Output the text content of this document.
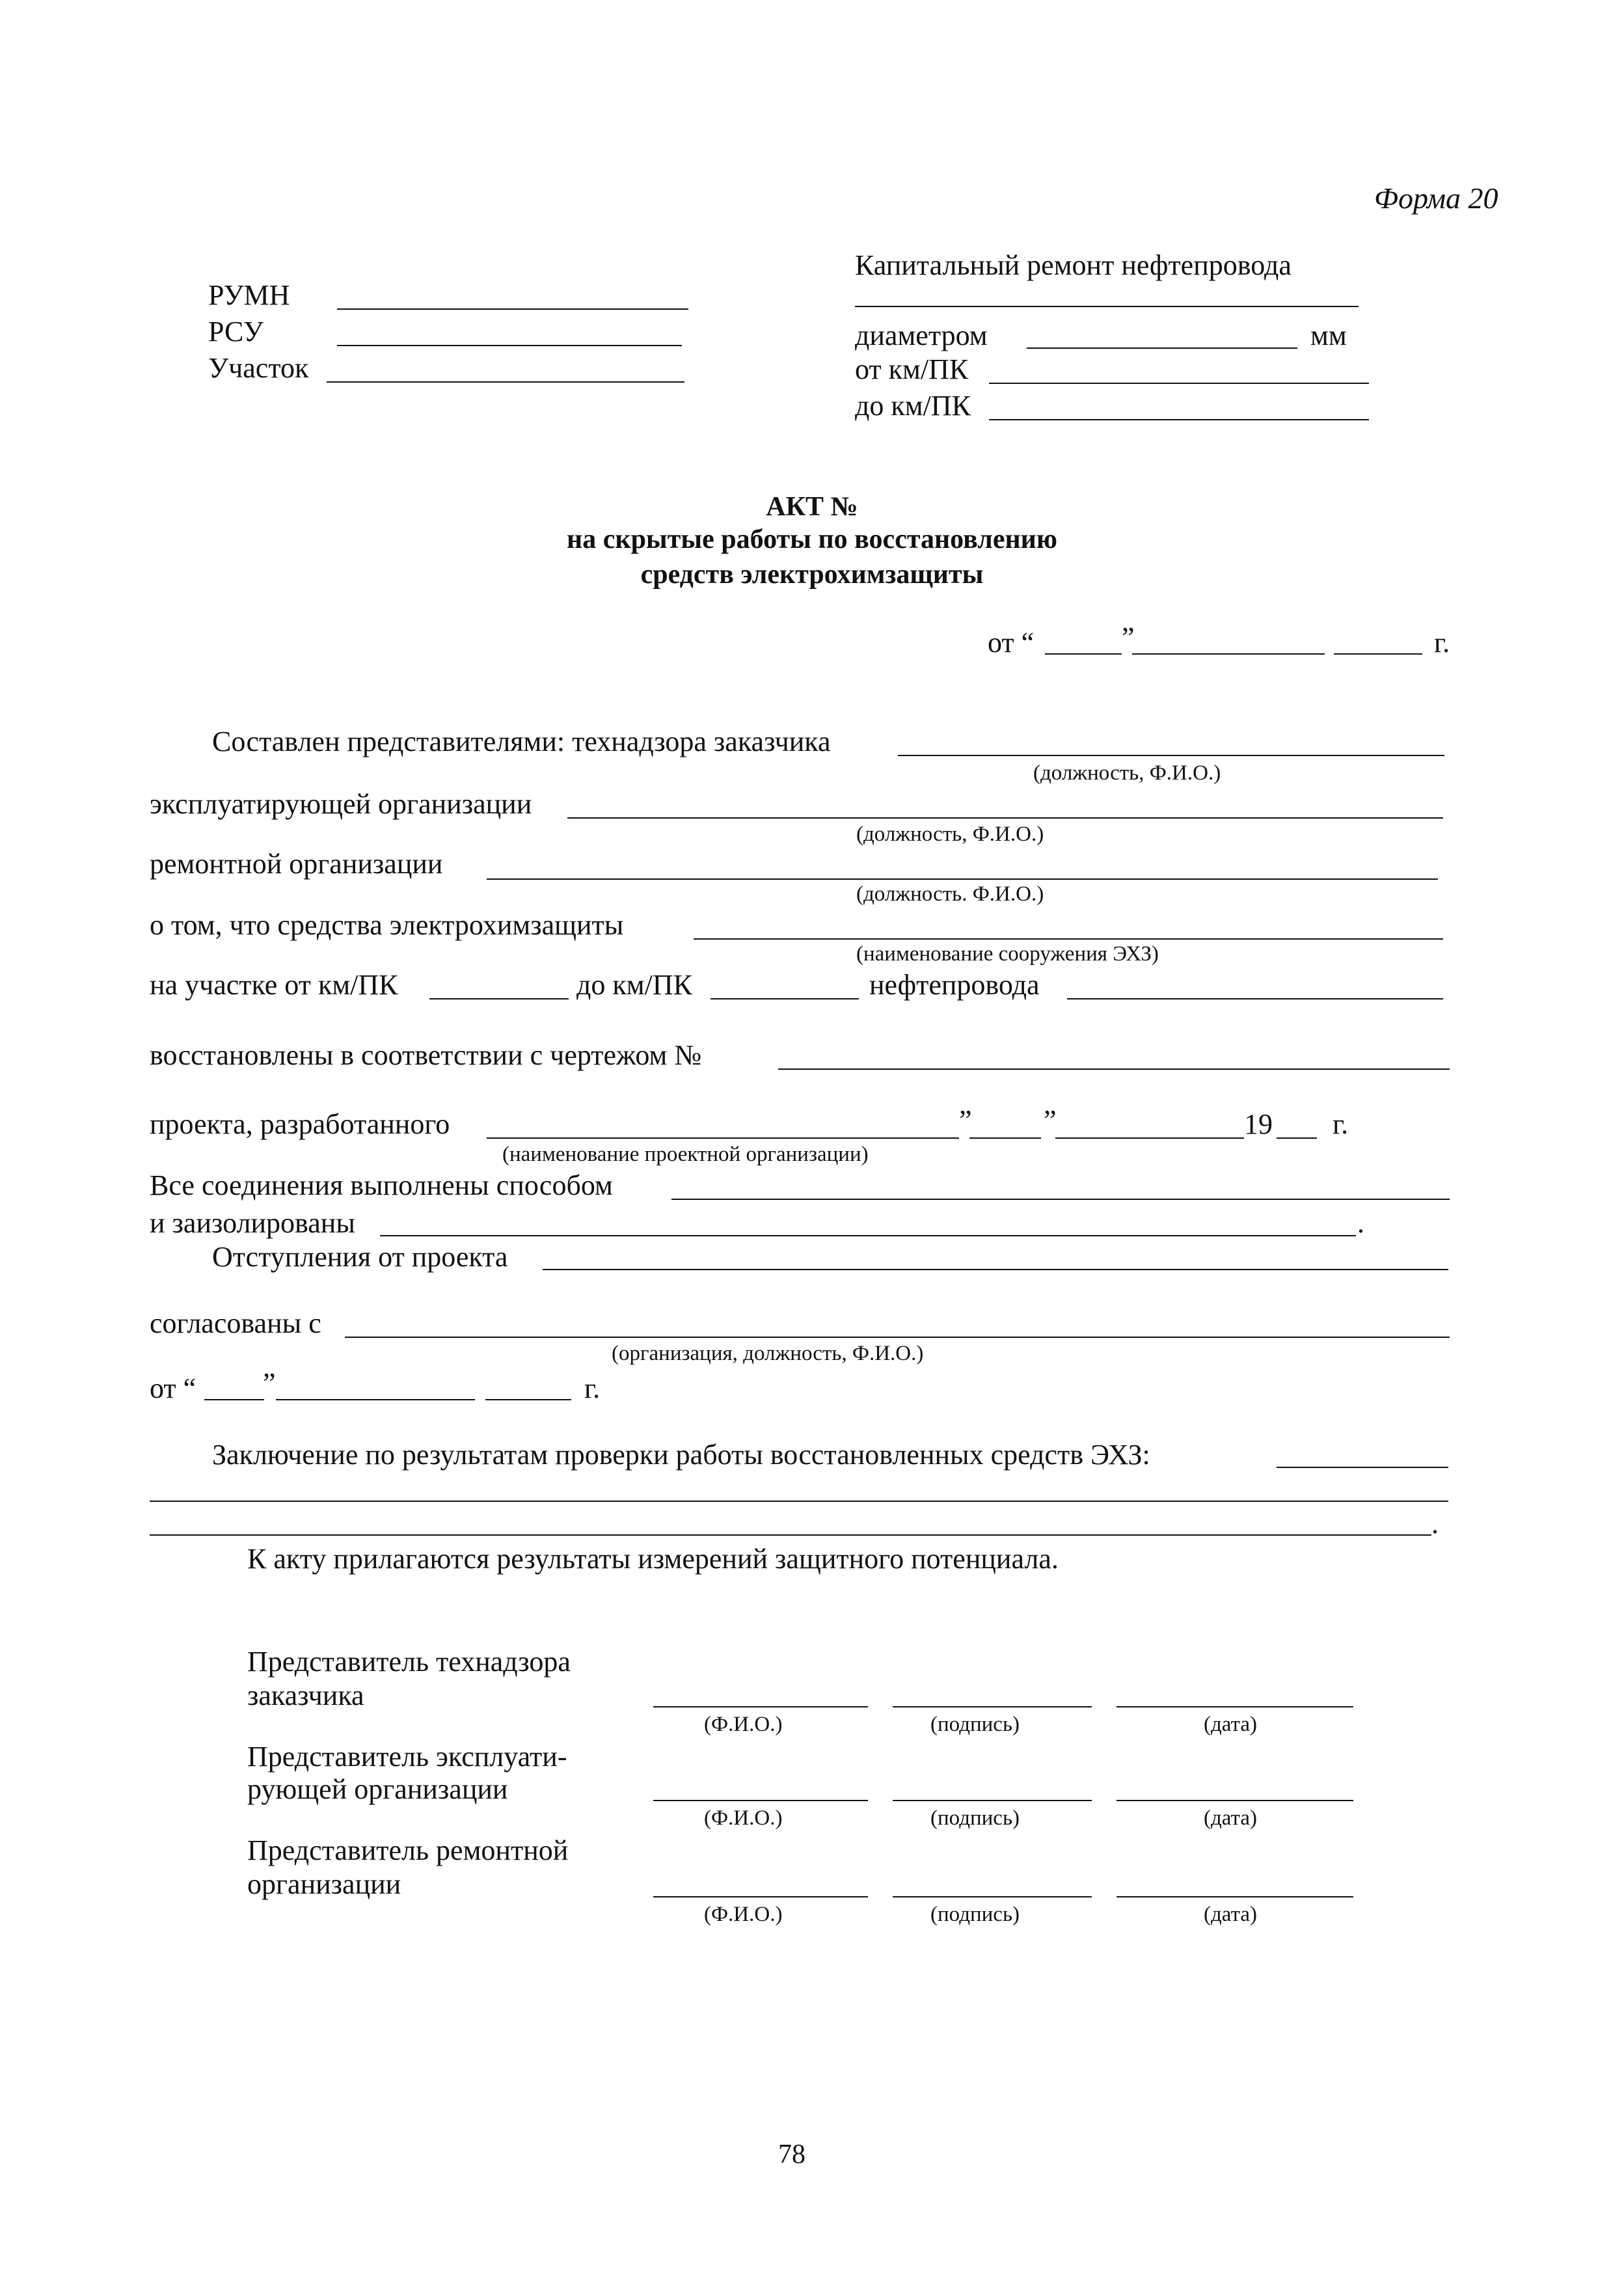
Форма 20
РУМН
РСУ
Участок
Капитальный ремонт нефтепровода
диаметром	мм
от км/ПК
до км/ПК
АКТ №
на скрытые работы по восстановлению
средств электрохимзащиты
от “	”	г.
Составлен представителями: технадзора заказчика
(должность, Ф.И.О.)
эксплуатирующей организации
(должность, Ф.И.О.)
ремонтной организации
(должность. Ф.И.О.)
о том, что средства электрохимзащиты
(наименование сооружения ЭХЗ)
на участке от км/ПК	до км/ПК	нефтепровода
восстановлены в соответствии с чертежом №
проекта, разработанного	”	”	19 г.
(наименование проектной организации)
Все соединения выполнены способом
и заизолированы	.
Отступления от проекта
согласованы с
(организация, должность, Ф.И.О.)
от “ ”	г.
Заключение по результатам проверки работы восстановленных средств ЭХЗ:
.
К акту прилагаются результаты измерений защитного потенциала.
Представитель технадзора
заказчика
(Ф.И.О.)	(подпись)	(дата)
Представитель эксплуати-
рующей организации
(Ф.И.О.)	(подпись)	(дата)
Представитель ремонтной
организации
(Ф.И.О.)	(подпись)	(дата)
78
